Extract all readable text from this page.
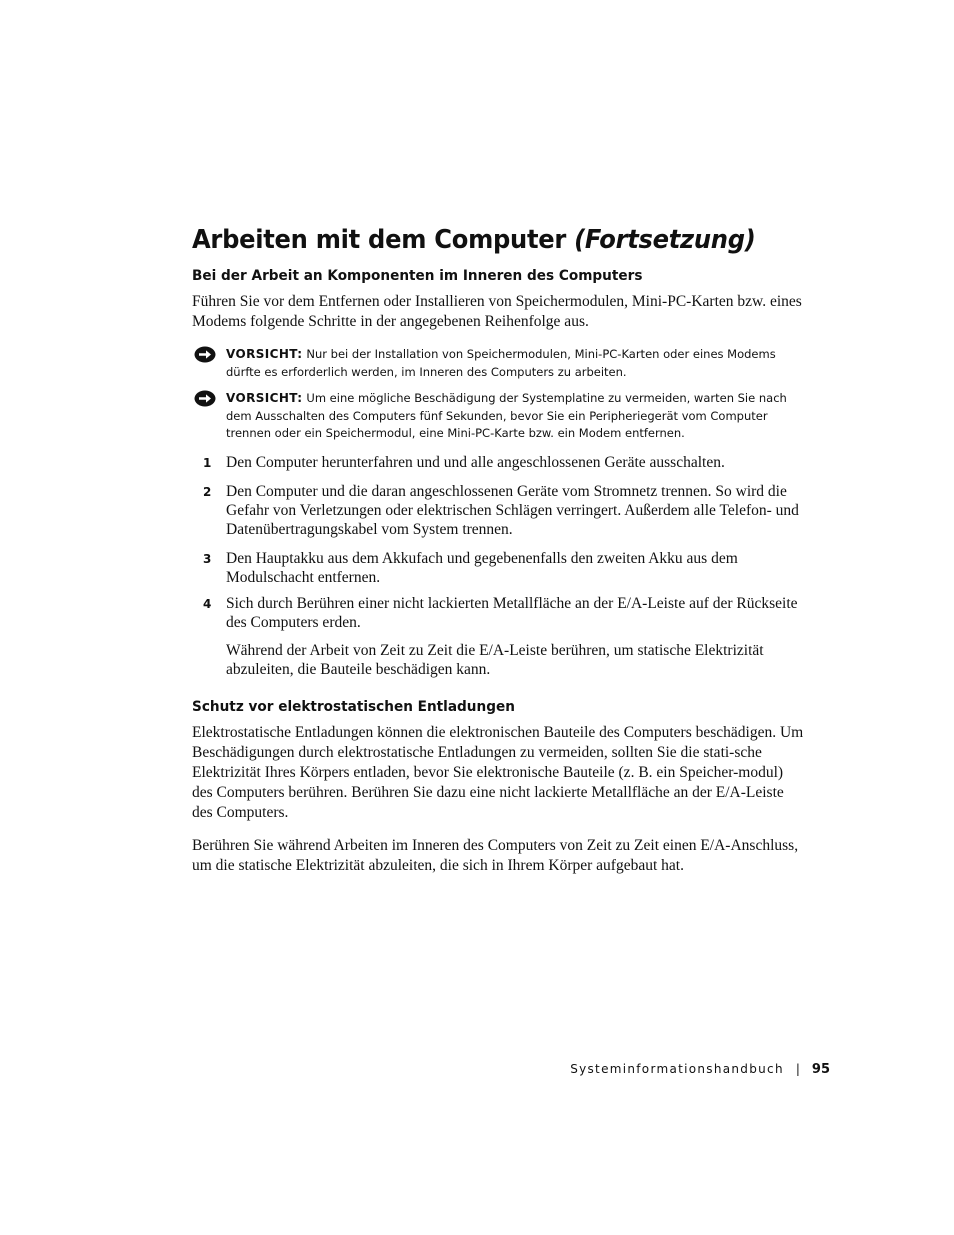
Arbeiten mit dem Computer (Fortsetzung)
Bei der Arbeit an Komponenten im Inneren des Computers

Führen Sie vor dem Entfernen oder Installieren von Speichermodulen, Mini-PC-Karten bzw. eines Modems folgende Schritte in der angegebenen Reihenfolge aus.

VORSICHT: Nur bei der Installation von Speichermodulen, Mini-PC-Karten oder eines Modems dürfte es erforderlich werden, im Inneren des Computers zu arbeiten.
VORSICHT: Um eine mögliche Beschädigung der Systemplatine zu vermeiden, warten Sie nach dem Ausschalten des Computers fünf Sekunden, bevor Sie ein Peripheriegerät vom Computer trennen oder ein Speichermodul, eine Mini-PC-Karte bzw. ein Modem entfernen.
1 Den Computer herunterfahren und und alle angeschlossenen Geräte ausschalten.
2 Den Computer und die daran angeschlossenen Geräte vom Stromnetz trennen. So wird die Gefahr von Verletzungen oder elektrischen Schlägen verringert. Außerdem alle Telefon- und Datenübertragungskabel vom System trennen.
3 Den Hauptakku aus dem Akkufach und gegebenenfalls den zweiten Akku aus dem Modulschacht entfernen.
4 Sich durch Berühren einer nicht lackierten Metallfläche an der E/A-Leiste auf der Rückseite des Computers erden.
Während der Arbeit von Zeit zu Zeit die E/A-Leiste berühren, um statische Elektrizität abzuleiten, die Bauteile beschädigen kann.
Schutz vor elektrostatischen Entladungen

Elektrostatische Entladungen können die elektronischen Bauteile des Computers beschädigen. Um Beschädigungen durch elektrostatische Entladungen zu vermeiden, sollten Sie die stati-sche Elektrizität Ihres Körpers entladen, bevor Sie elektronische Bauteile (z. B. ein Speicher-modul) des Computers berühren. Berühren Sie dazu eine nicht lackierte Metallfläche an der E/A-Leiste des Computers.

Berühren Sie während Arbeiten im Inneren des Computers von Zeit zu Zeit einen E/A-Anschluss, um die statische Elektrizität abzuleiten, die sich in Ihrem Körper aufgebaut hat.

Systeminformationshandbuch | 95
